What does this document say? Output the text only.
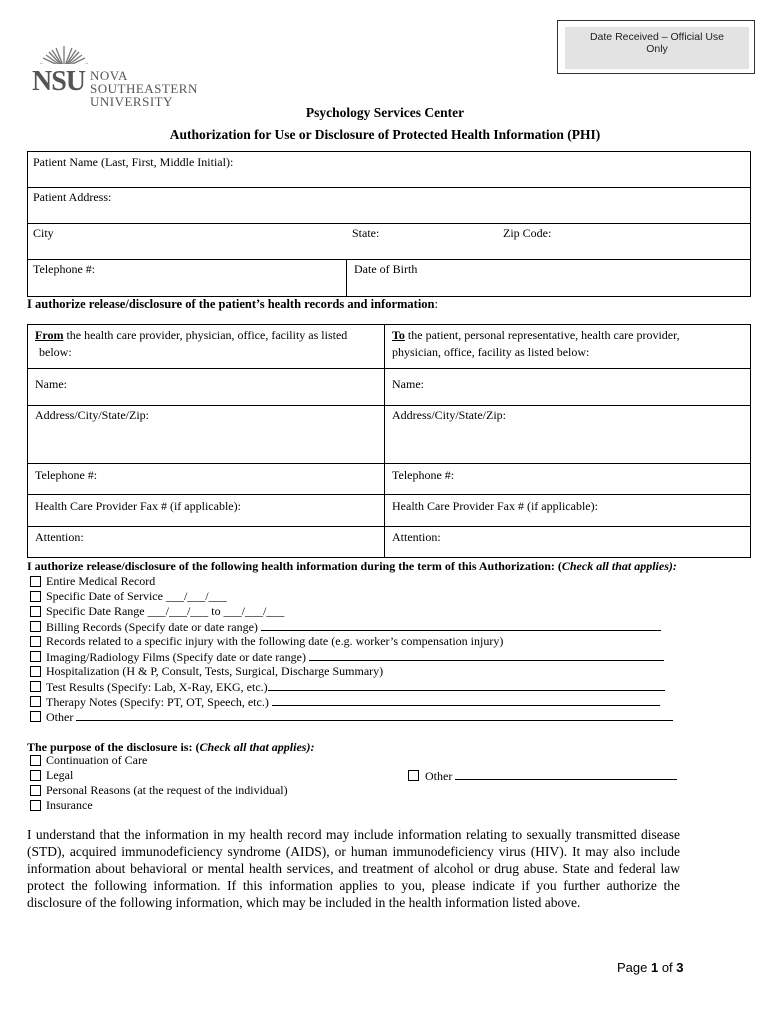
Date Received – Official Use Only
NSU NOVA SOUTHEASTERN
UNIVERSITY
Psychology Services Center
Authorization for Use or Disclosure of Protected Health Information (PHI)
Patient Name (Last, First, Middle Initial):
Patient Address:
City	State:	Zip Code:
Telephone #:	Date of Birth
I authorize release/disclosure of the patient’s health records and information:
From the health care provider, physician, office, facility as listed
below:
To the patient, personal representative, health care provider,
physician, office, facility as listed below:
Name:	Name:
Address/City/State/Zip:	Address/City/State/Zip:
Telephone #:	Telephone #:
Health Care Provider Fax # (if applicable):	Health Care Provider Fax # (if applicable):
Attention:	Attention:
I authorize release/disclosure of the following health information during the term of this Authorization: (Check all that applies):
Entire Medical Record
Specific Date of Service ___/___/___
Specific Date Range ___/___/___ to ___/___/___
Billing Records (Specify date or date range)
Records related to a specific injury with the following date (e.g. worker’s compensation injury)
Imaging/Radiology Films (Specify date or date range)
Hospitalization (H & P, Consult, Tests, Surgical, Discharge Summary)
Test Results (Specify: Lab, X-Ray, EKG, etc.)
Therapy Notes (Specify: PT, OT, Speech, etc.)
Other
The purpose of the disclosure is: (Check all that applies):
Continuation of Care
Legal
Personal Reasons (at the request of the individual)
Insurance
Other
I understand that the information in my health record may include information relating to sexually transmitted disease (STD), acquired immunodeficiency syndrome (AIDS), or human immunodeficiency virus (HIV). It may also include information about behavioral or mental health services, and treatment of alcohol or drug abuse. State and federal law protect the following information. If this information applies to you, please indicate if you further authorize the disclosure of the following information, which may be included in the health information listed above.
Page 1 of 3
